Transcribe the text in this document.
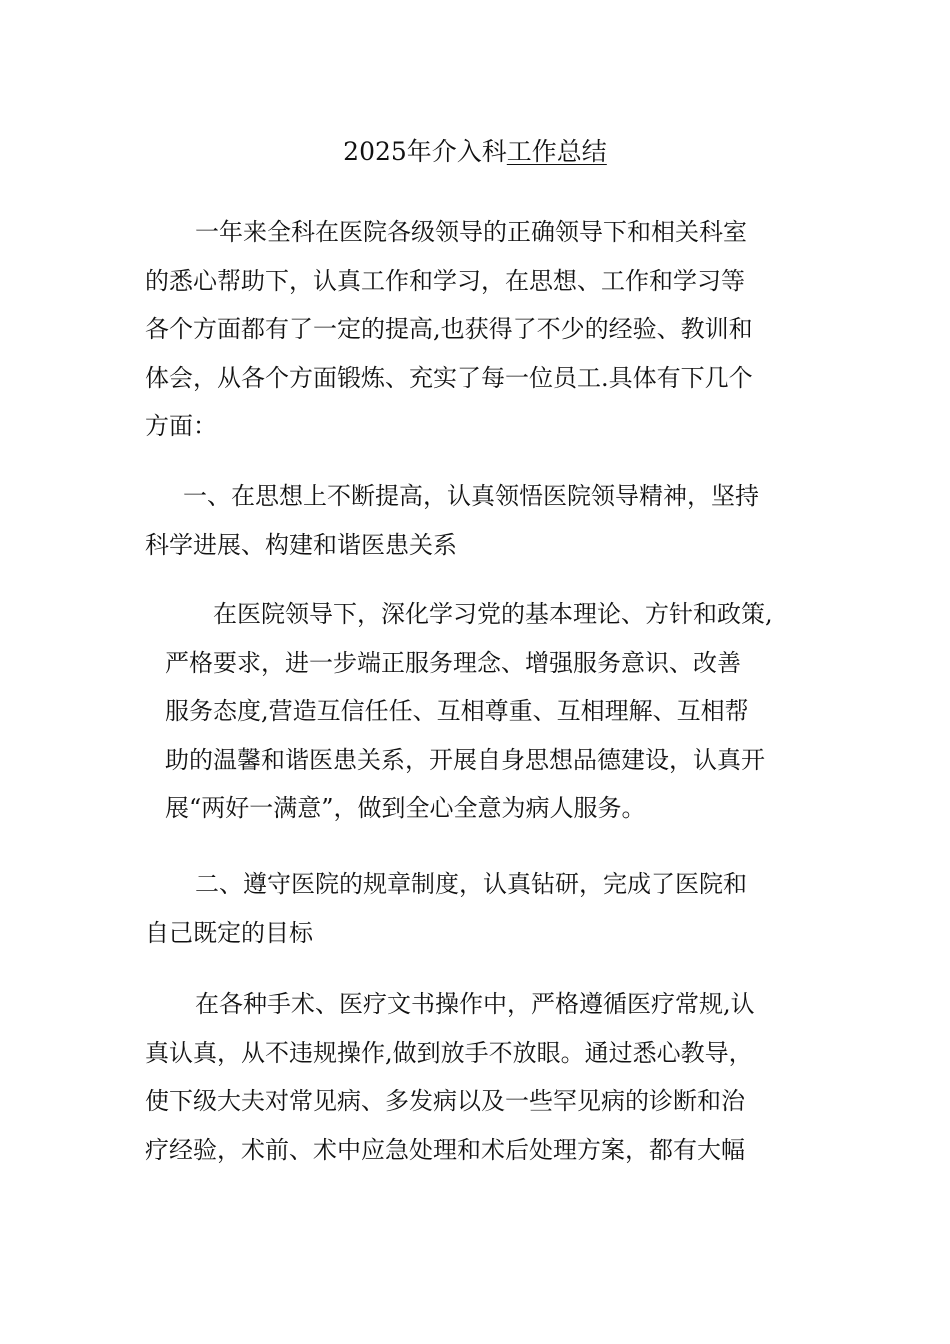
2025年介入科工作总结
一年来全科在医院各级领导的正确领导下和相关科室
的悉心帮助下，认真工作和学习，在思想、工作和学习等
各个方面都有了一定的提高,也获得了不少的经验、教训和
体会，从各个方面锻炼、充实了每一位员工.具体有下几个
方面：
一、在思想上不断提高，认真领悟医院领导精神，坚持
科学进展、构建和谐医患关系
在医院领导下，深化学习党的基本理论、方针和政策,
严格要求，进一步端正服务理念、增强服务意识、改善
服务态度,营造互信任任、互相尊重、互相理解、互相帮
助的温馨和谐医患关系，开展自身思想品德建设，认真开
展“两好一满意”，做到全心全意为病人服务。
二、遵守医院的规章制度，认真钻研，完成了医院和
自己既定的目标
在各种手术、医疗文书操作中，严格遵循医疗常规,认
真认真，从不违规操作,做到放手不放眼。通过悉心教导，
使下级大夫对常见病、多发病以及一些罕见病的诊断和治
疗经验，术前、术中应急处理和术后处理方案，都有大幅
